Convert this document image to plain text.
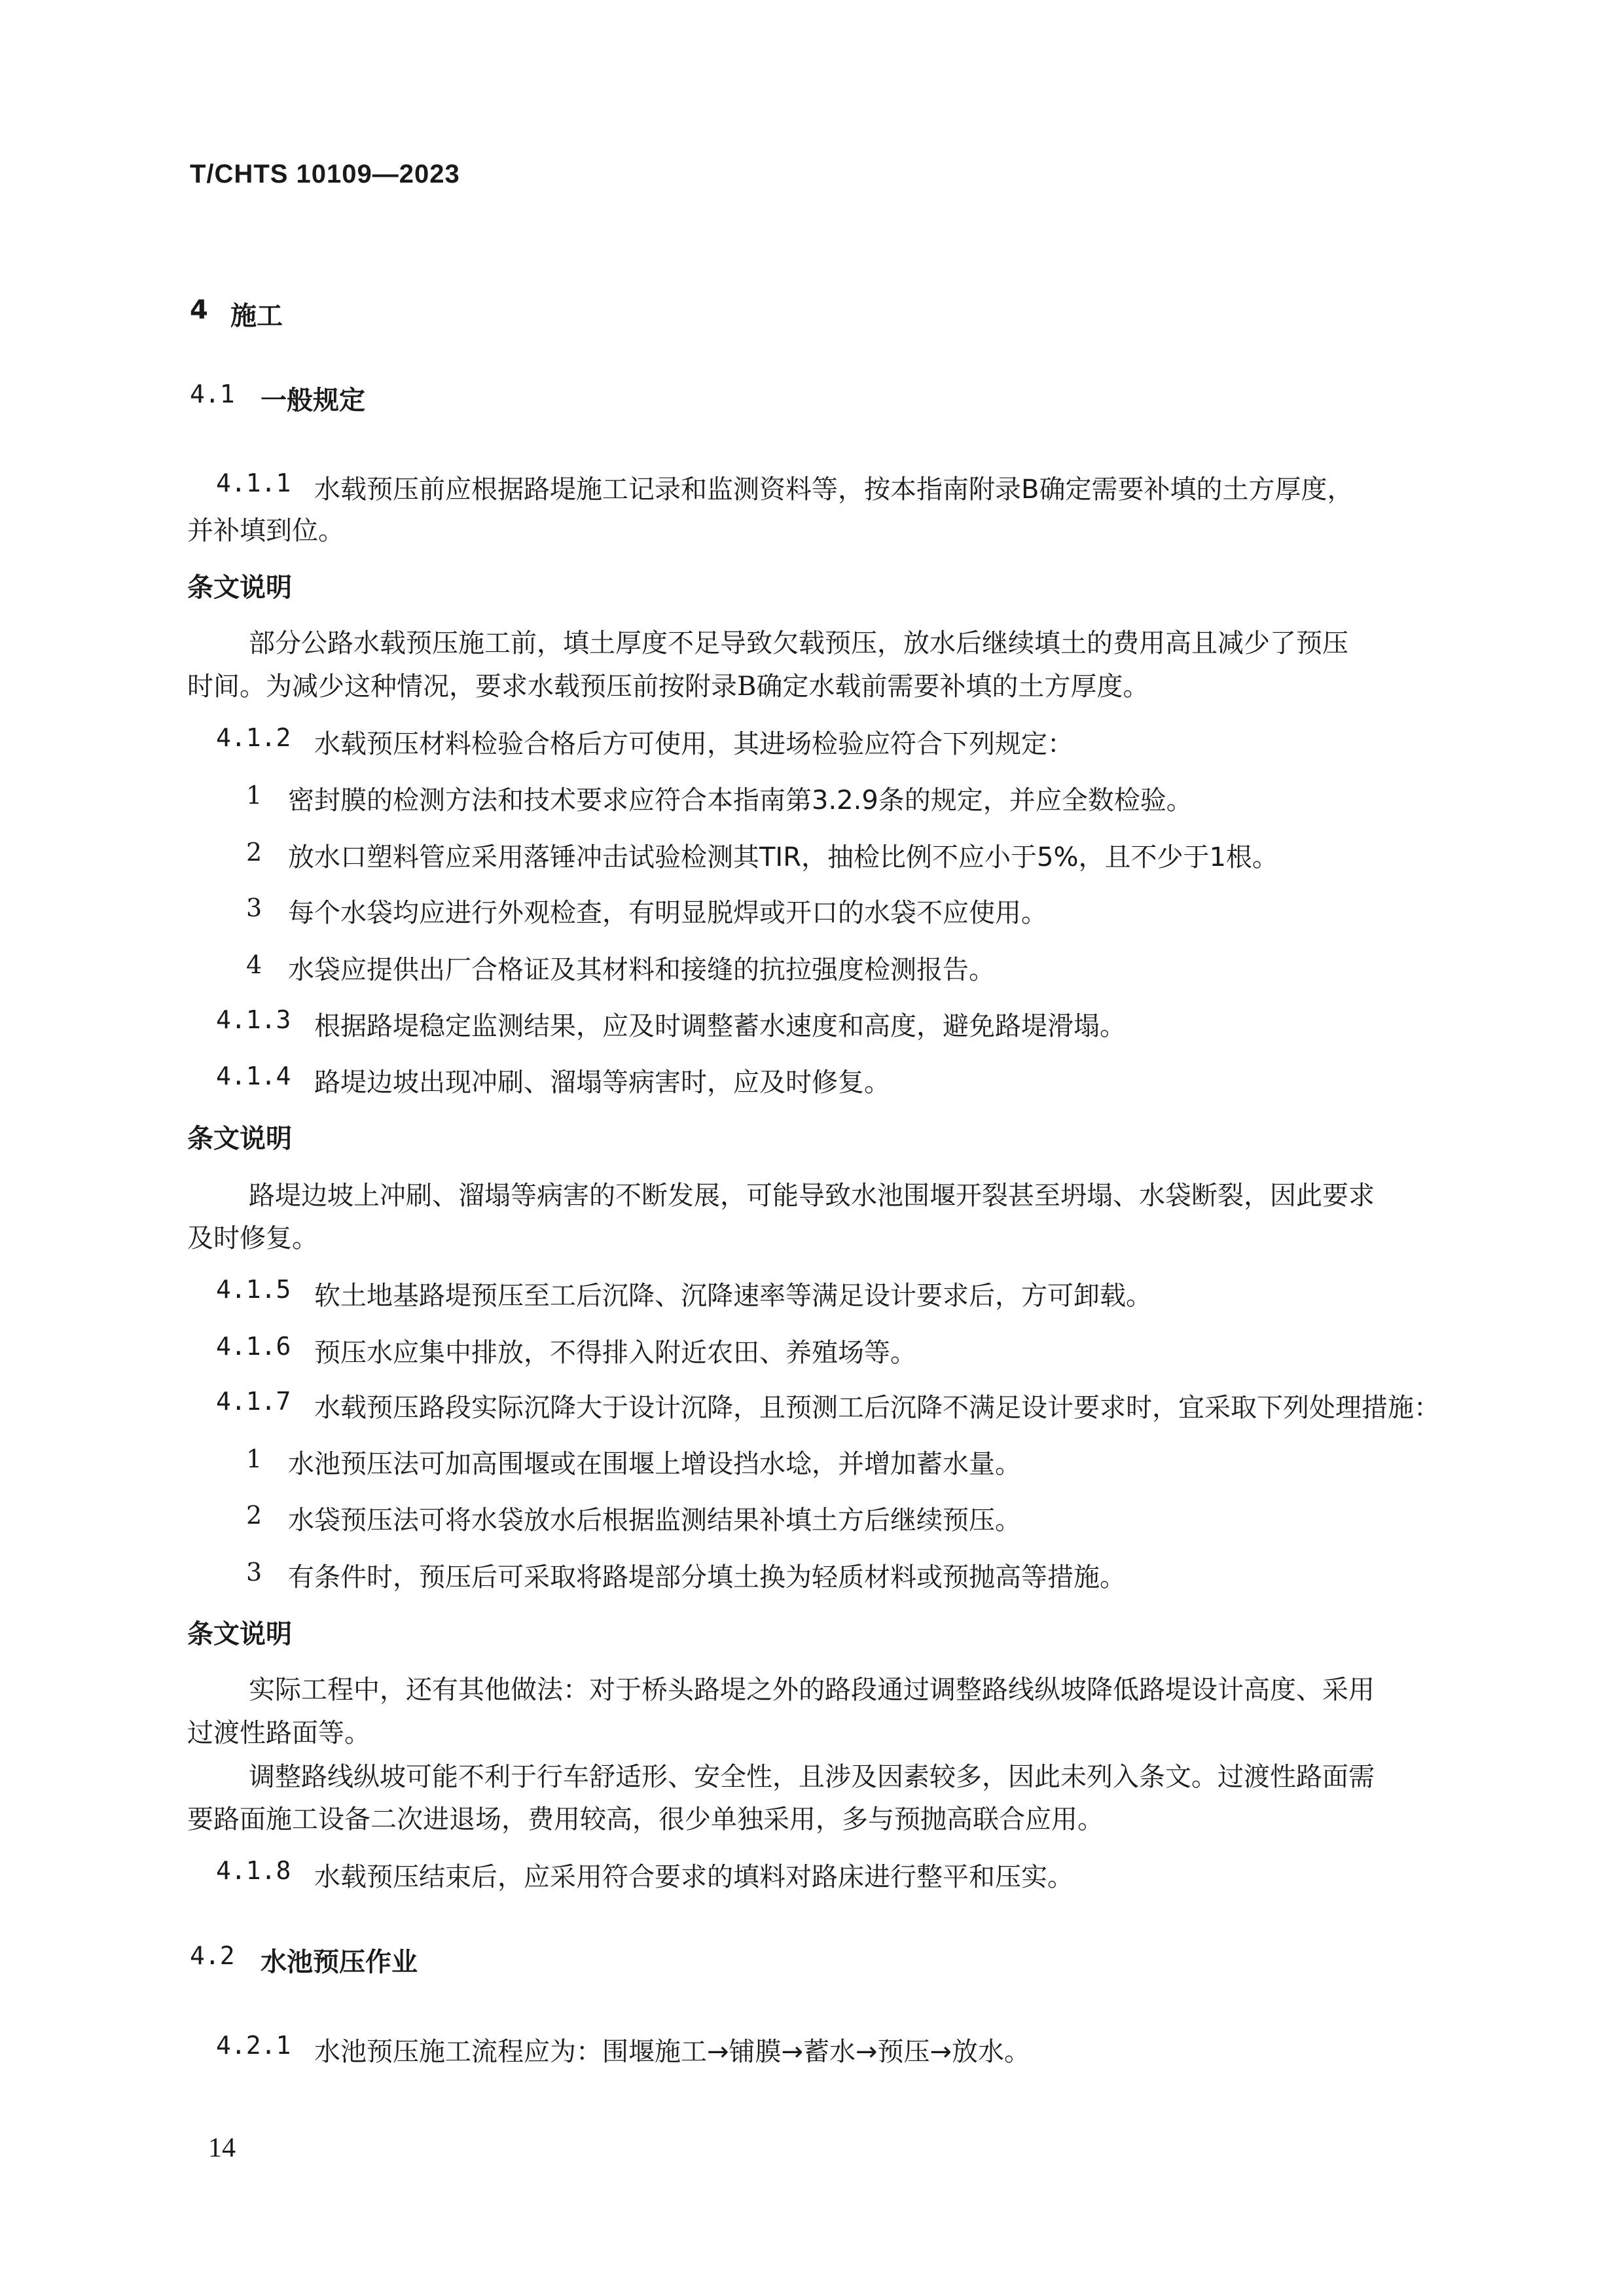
T/CHTS 10109—2023
4 施工
4.1 一般规定
4.1.1 水载预压前应根据路堤施工记录和监测资料等，按本指南附录B确定需要补填的土方厚度，
并补填到位。
条文说明
部分公路水载预压施工前，填土厚度不足导致欠载预压，放水后继续填土的费用高且减少了预压
时间。为减少这种情况，要求水载预压前按附录B确定水载前需要补填的土方厚度。
4.1.2 水载预压材料检验合格后方可使用，其进场检验应符合下列规定：
1 密封膜的检测方法和技术要求应符合本指南第3.2.9条的规定，并应全数检验。
2 放水口塑料管应采用落锤冲击试验检测其TIR，抽检比例不应小于5%，且不少于1根。
3 每个水袋均应进行外观检查，有明显脱焊或开口的水袋不应使用。
4 水袋应提供出厂合格证及其材料和接缝的抗拉强度检测报告。
4.1.3 根据路堤稳定监测结果，应及时调整蓄水速度和高度，避免路堤滑塌。
4.1.4 路堤边坡出现冲刷、溜塌等病害时，应及时修复。
条文说明
路堤边坡上冲刷、溜塌等病害的不断发展，可能导致水池围堰开裂甚至坍塌、水袋断裂，因此要求
及时修复。
4.1.5 软土地基路堤预压至工后沉降、沉降速率等满足设计要求后，方可卸载。
4.1.6 预压水应集中排放，不得排入附近农田、养殖场等。
4.1.7 水载预压路段实际沉降大于设计沉降，且预测工后沉降不满足设计要求时，宜采取下列处理措施：
1 水池预压法可加高围堰或在围堰上增设挡水埝，并增加蓄水量。
2 水袋预压法可将水袋放水后根据监测结果补填土方后继续预压。
3 有条件时，预压后可采取将路堤部分填土换为轻质材料或预抛高等措施。
条文说明
实际工程中，还有其他做法：对于桥头路堤之外的路段通过调整路线纵坡降低路堤设计高度、采用
过渡性路面等。
调整路线纵坡可能不利于行车舒适形、安全性，且涉及因素较多，因此未列入条文。过渡性路面需
要路面施工设备二次进退场，费用较高，很少单独采用，多与预抛高联合应用。
4.1.8 水载预压结束后，应采用符合要求的填料对路床进行整平和压实。
4.2 水池预压作业
4.2.1 水池预压施工流程应为：围堰施工→铺膜→蓄水→预压→放水。
14
